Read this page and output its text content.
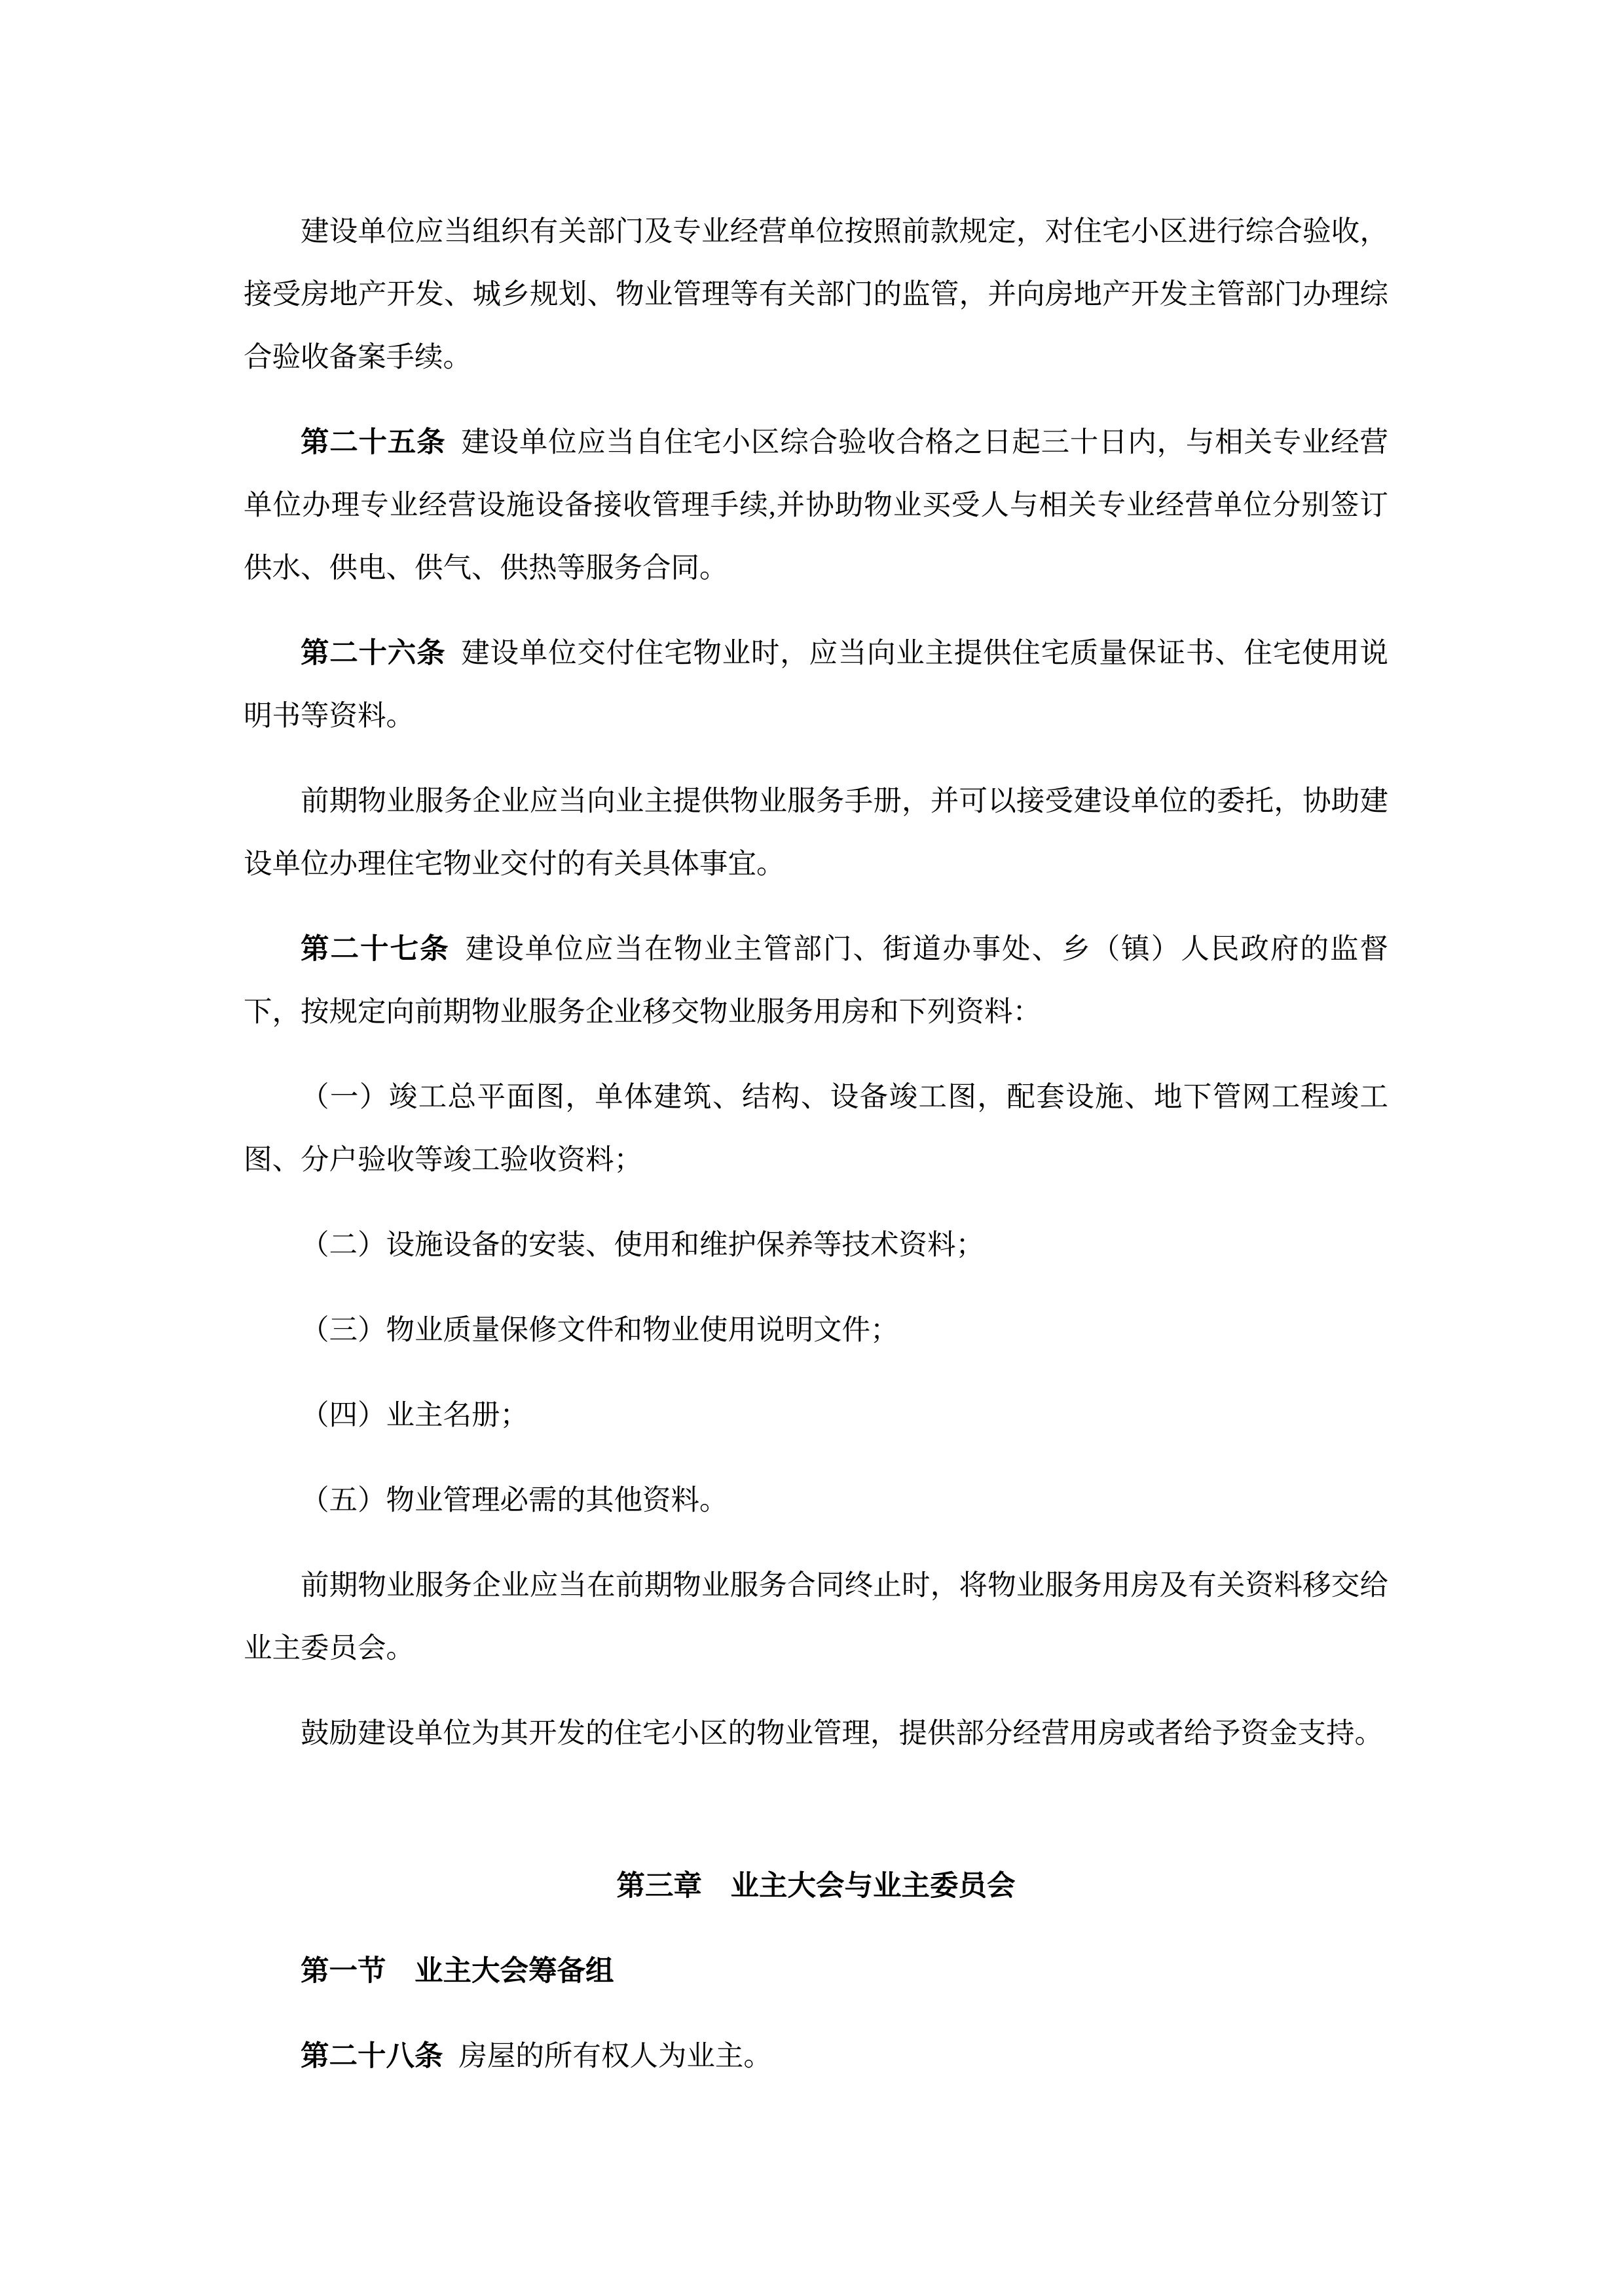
建设单位应当组织有关部门及专业经营单位按照前款规定，对住宅小区进行综合验收，接受房地产开发、城乡规划、物业管理等有关部门的监管，并向房地产开发主管部门办理综合验收备案手续。

第二十五条 建设单位应当自住宅小区综合验收合格之日起三十日内，与相关专业经营单位办理专业经营设施设备接收管理手续,并协助物业买受人与相关专业经营单位分别签订供水、供电、供气、供热等服务合同。

第二十六条 建设单位交付住宅物业时，应当向业主提供住宅质量保证书、住宅使用说明书等资料。

前期物业服务企业应当向业主提供物业服务手册，并可以接受建设单位的委托，协助建设单位办理住宅物业交付的有关具体事宜。

第二十七条 建设单位应当在物业主管部门、街道办事处、乡（镇）人民政府的监督下，按规定向前期物业服务企业移交物业服务用房和下列资料：

（一）竣工总平面图，单体建筑、结构、设备竣工图，配套设施、地下管网工程竣工图、分户验收等竣工验收资料；

（二）设施设备的安装、使用和维护保养等技术资料；

（三）物业质量保修文件和物业使用说明文件；

（四）业主名册；

（五）物业管理必需的其他资料。

前期物业服务企业应当在前期物业服务合同终止时，将物业服务用房及有关资料移交给业主委员会。

鼓励建设单位为其开发的住宅小区的物业管理，提供部分经营用房或者给予资金支持。

第三章　业主大会与业主委员会

第一节　业主大会筹备组

第二十八条 房屋的所有权人为业主。
